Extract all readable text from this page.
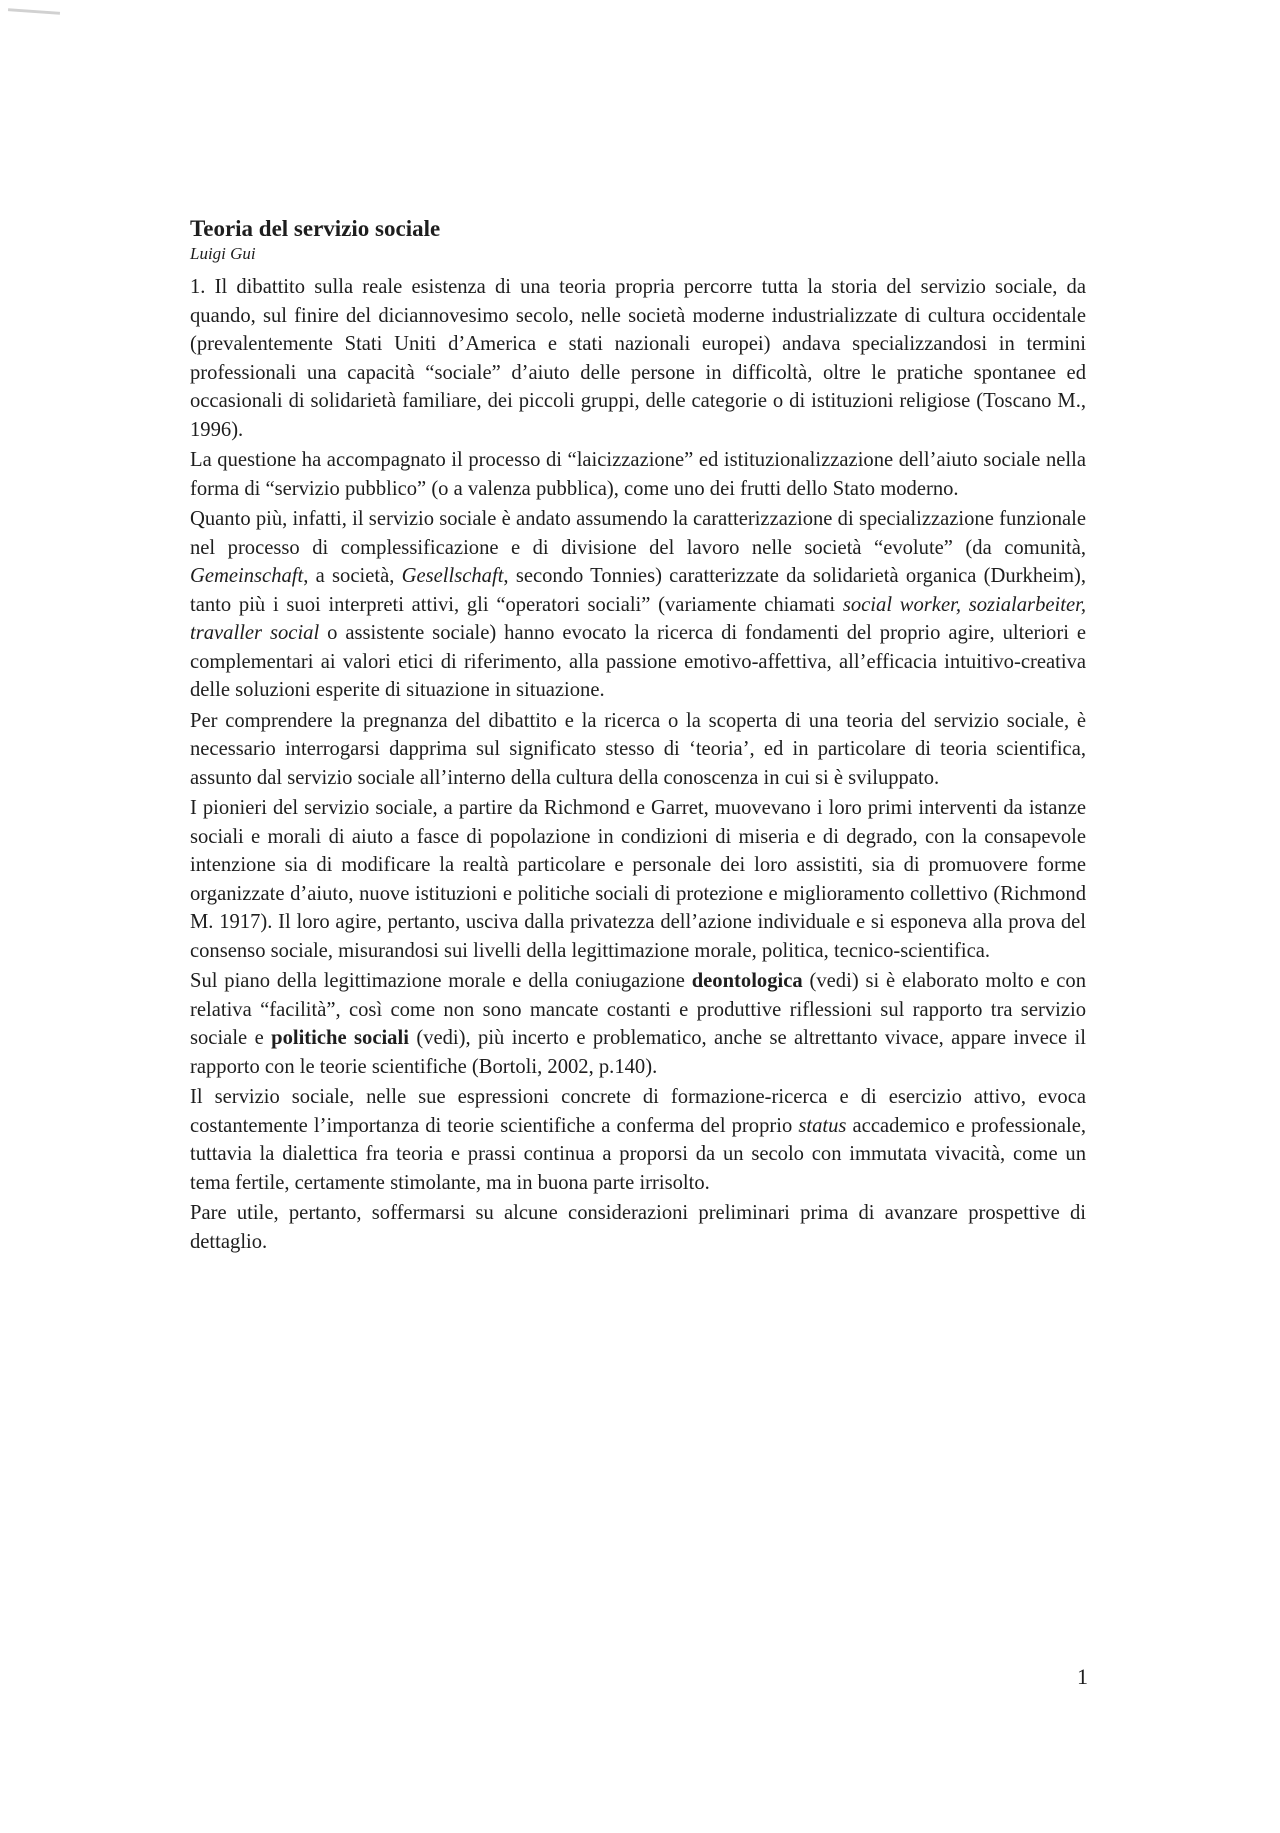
Teoria del servizio sociale
Luigi Gui

1. Il dibattito sulla reale esistenza di una teoria propria percorre tutta la storia del servizio sociale, da quando, sul finire del diciannovesimo secolo, nelle società moderne industrializzate di cultura occidentale (prevalentemente Stati Uniti d’America e stati nazionali europei) andava specializzandosi in termini professionali una capacità “sociale” d’aiuto delle persone in difficoltà, oltre le pratiche spontanee ed occasionali di solidarietà familiare, dei piccoli gruppi, delle categorie o di istituzioni religiose (Toscano M., 1996).

La questione ha accompagnato il processo di “laicizzazione” ed istituzionalizzazione dell’aiuto sociale nella forma di “servizio pubblico” (o a valenza pubblica), come uno dei frutti dello Stato moderno.

Quanto più, infatti, il servizio sociale è andato assumendo la caratterizzazione di specializzazione funzionale nel processo di complessificazione e di divisione del lavoro nelle società “evolute” (da comunità, Gemeinschaft, a società, Gesellschaft, secondo Tonnies) caratterizzate da solidarietà organica (Durkheim), tanto più i suoi interpreti attivi, gli “operatori sociali” (variamente chiamati social worker, sozialarbeiter, travaller social o assistente sociale) hanno evocato la ricerca di fondamenti del proprio agire, ulteriori e complementari ai valori etici di riferimento, alla passione emotivo-affettiva, all’efficacia intuitivo-creativa delle soluzioni esperite di situazione in situazione.

Per comprendere la pregnanza del dibattito e la ricerca o la scoperta di una teoria del servizio sociale, è necessario interrogarsi dapprima sul significato stesso di ‘teoria’, ed in particolare di teoria scientifica, assunto dal servizio sociale all’interno della cultura della conoscenza in cui si è sviluppato.

I pionieri del servizio sociale, a partire da Richmond e Garret, muovevano i loro primi interventi da istanze sociali e morali di aiuto a fasce di popolazione in condizioni di miseria e di degrado, con la consapevole intenzione sia di modificare la realtà particolare e personale dei loro assistiti, sia di promuovere forme organizzate d’aiuto, nuove istituzioni e politiche sociali di protezione e miglioramento collettivo (Richmond M. 1917). Il loro agire, pertanto, usciva dalla privatezza dell’azione individuale e si esponeva alla prova del consenso sociale, misurandosi sui livelli della legittimazione morale, politica, tecnico-scientifica.

Sul piano della legittimazione morale e della coniugazione deontologica (vedi) si è elaborato molto e con relativa “facilità”, così come non sono mancate costanti e produttive riflessioni sul rapporto tra servizio sociale e politiche sociali (vedi), più incerto e problematico, anche se altrettanto vivace, appare invece il rapporto con le teorie scientifiche (Bortoli, 2002, p.140).

Il servizio sociale, nelle sue espressioni concrete di formazione-ricerca e di esercizio attivo, evoca costantemente l’importanza di teorie scientifiche a conferma del proprio status accademico e professionale, tuttavia la dialettica fra teoria e prassi continua a proporsi da un secolo con immutata vivacità, come un tema fertile, certamente stimolante, ma in buona parte irrisolto.

Pare utile, pertanto, soffermarsi su alcune considerazioni preliminari prima di avanzare prospettive di dettaglio.

1
